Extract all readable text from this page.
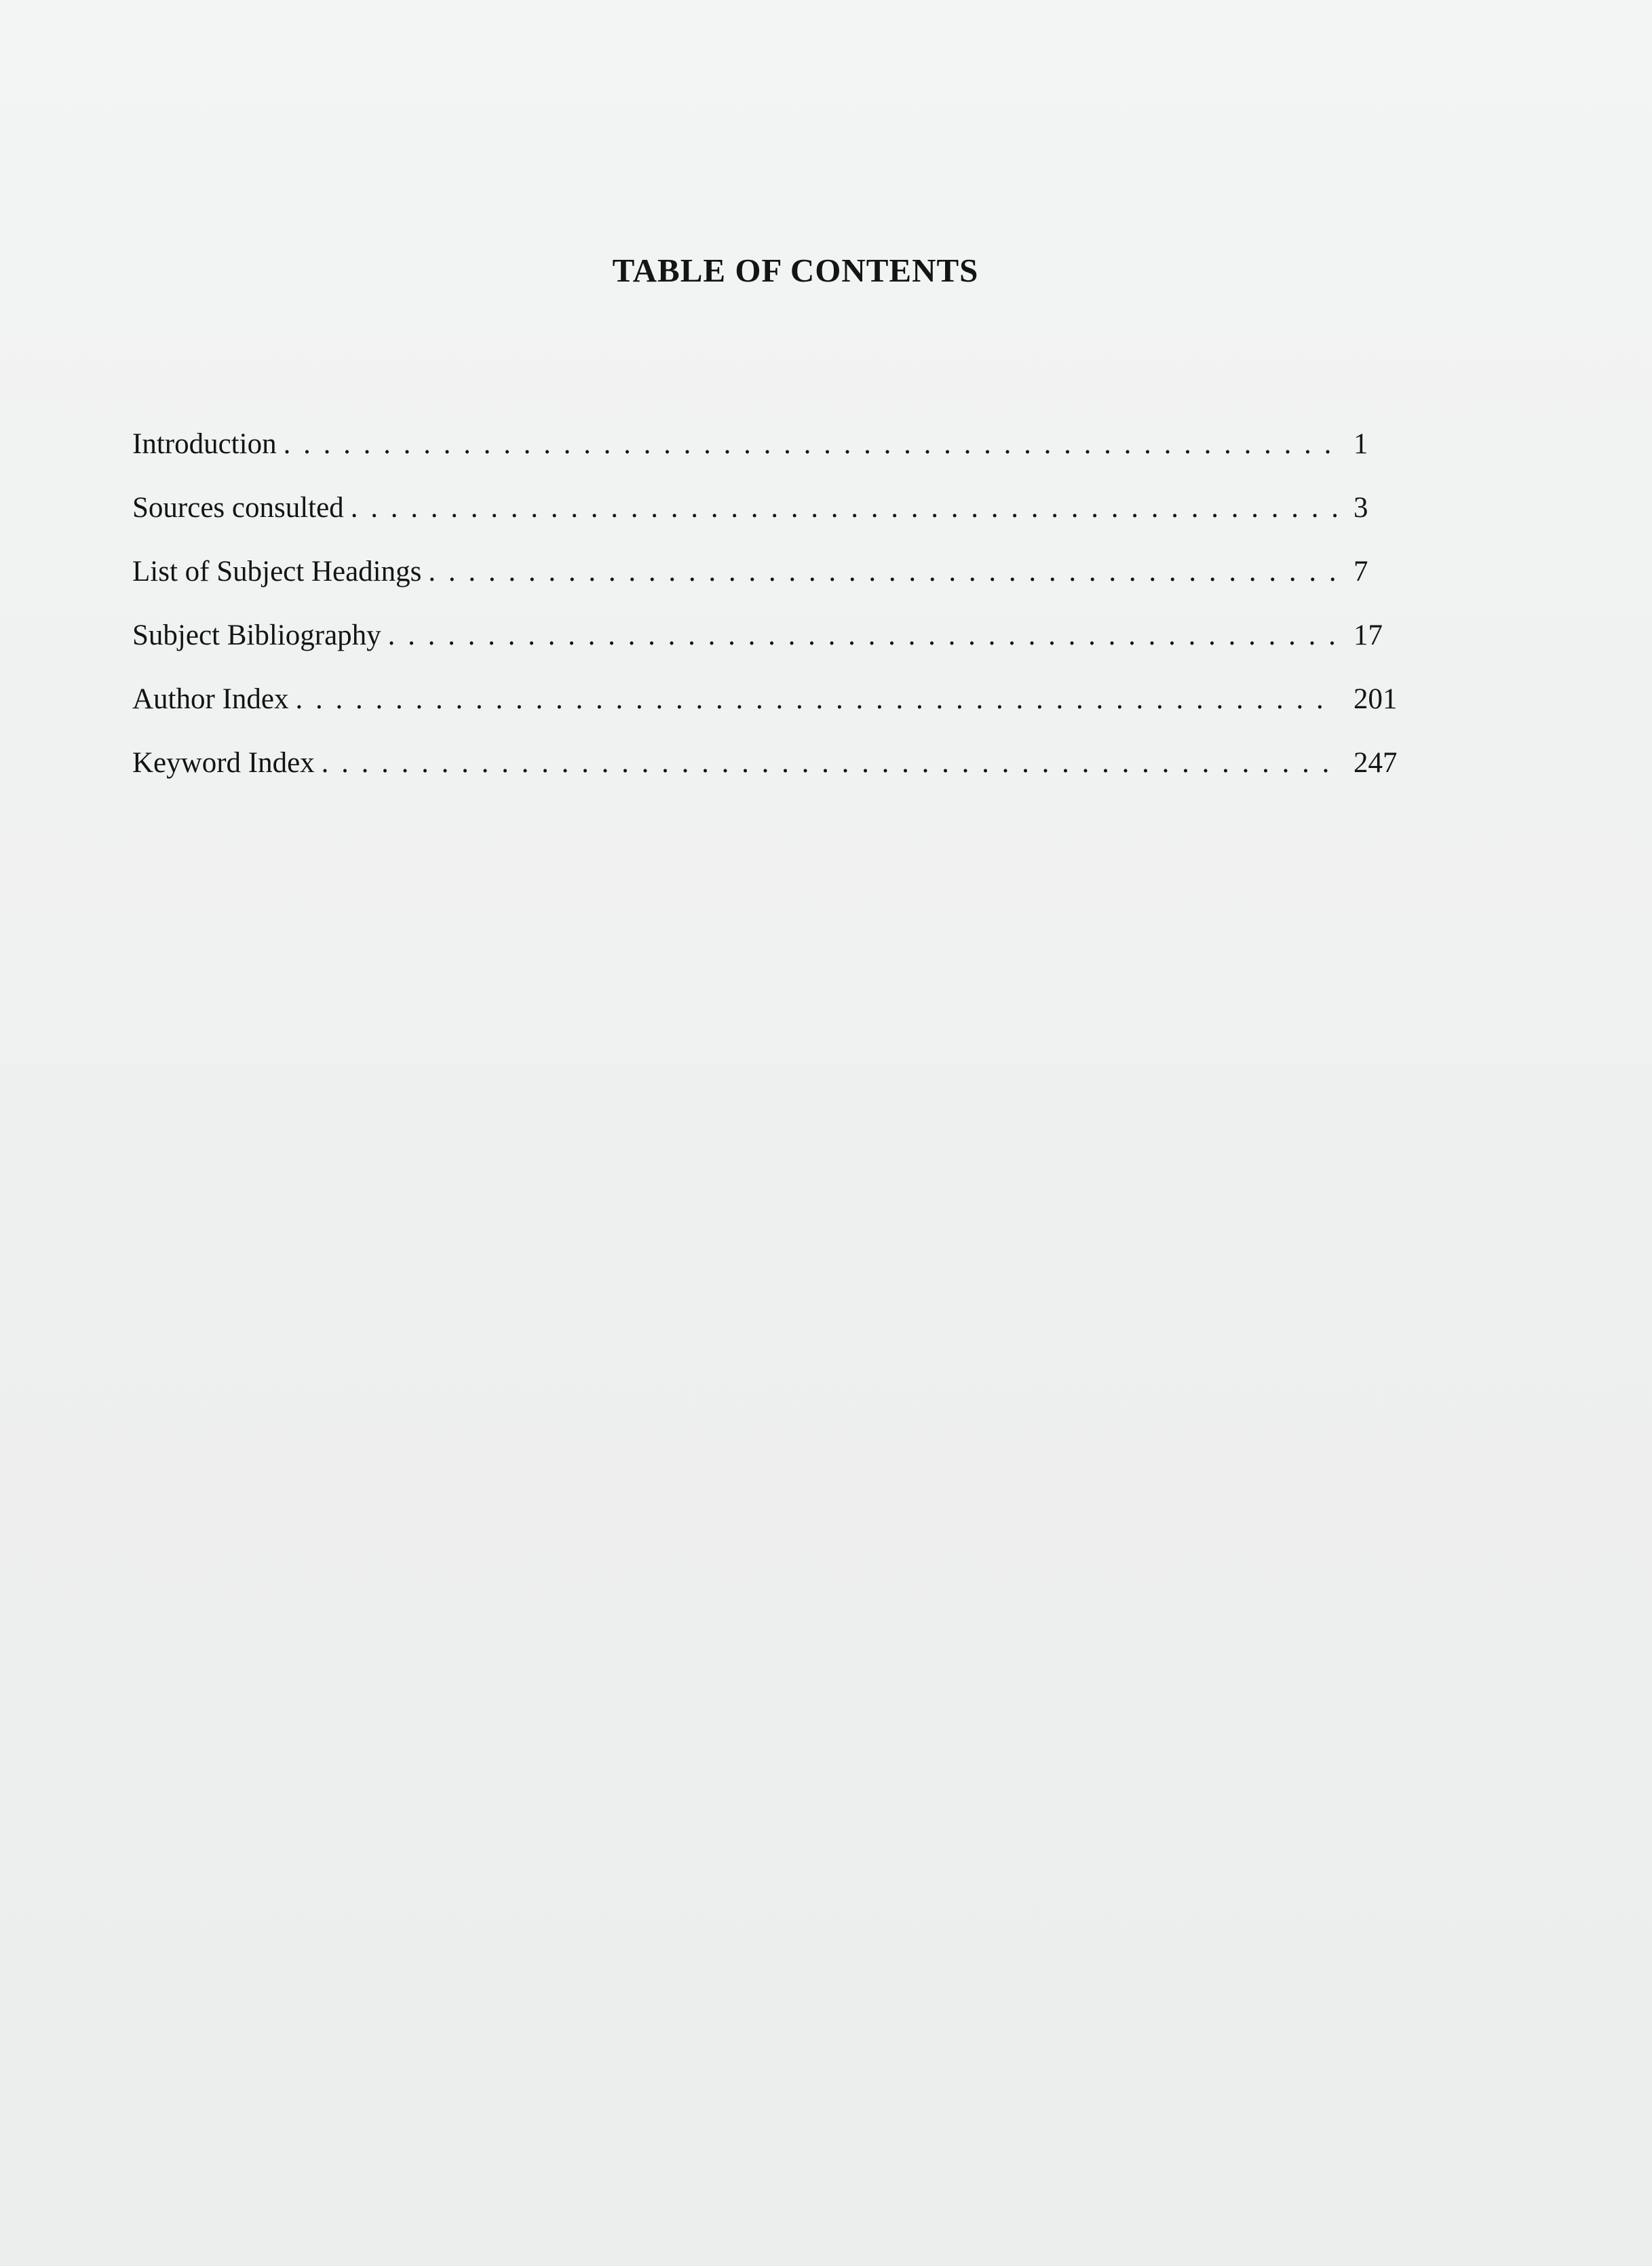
TABLE OF CONTENTS
Introduction . . .	1
Sources consulted . . .	3
List of Subject Headings . . .	7
Subject Bibliography . . .	17
Author Index . . .	201
Keyword Index . . .	247
